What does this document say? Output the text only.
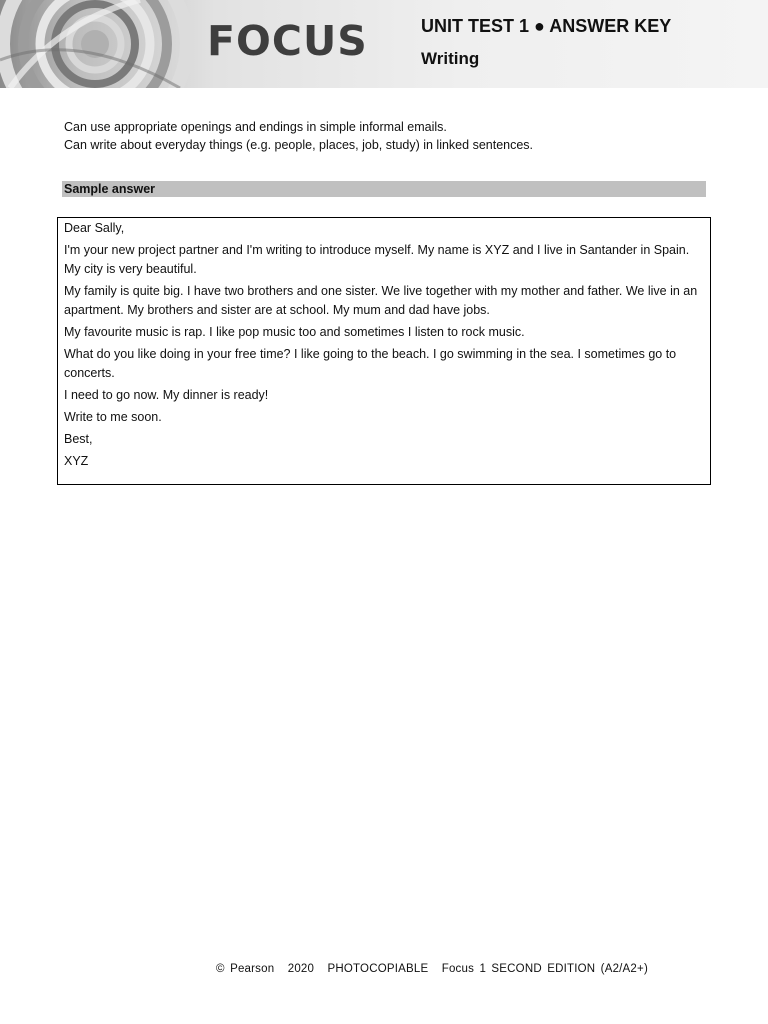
FOCUS	UNIT TEST 1 ● ANSWER KEY
Writing
Can use appropriate openings and endings in simple informal emails.
Can write about everyday things (e.g. people, places, job, study) in linked sentences.
Sample answer

Dear Sally,

I'm your new project partner and I'm writing to introduce myself. My name is XYZ and I live in Santander in Spain. My city is very beautiful.

My family is quite big. I have two brothers and one sister. We live together with my mother and father. We live in an apartment. My brothers and sister are at school. My mum and dad have jobs.

My favourite music is rap. I like pop music too and sometimes I listen to rock music.

What do you like doing in your free time? I like going to the beach. I go swimming in the sea. I sometimes go to concerts.

I need to go now. My dinner is ready!

Write to me soon.

Best,

XYZ

© Pearson 2020 PHOTOCOPIABLE Focus 1 SECOND EDITION (A2/A2+)
